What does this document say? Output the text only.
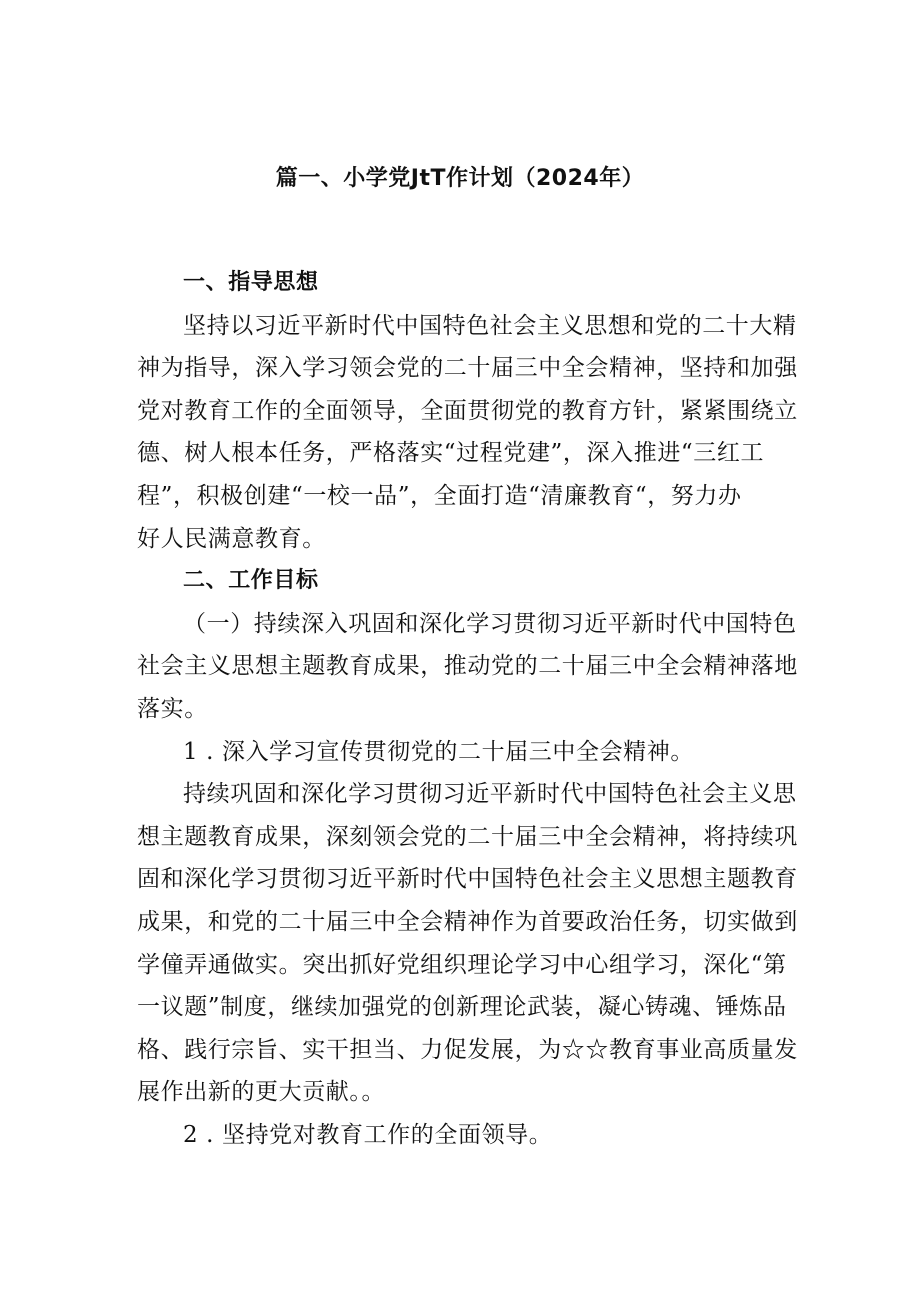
篇一、小学党JtT作计划（2024年）
一、指导思想
坚持以习近平新时代中国特色社会主义思想和党的二十大精
神为指导，深入学习领会党的二十届三中全会精神，坚持和加强
党对教育工作的全面领导，全面贯彻党的教育方针，紧紧围绕立
德、树人根本任务，严格落实“过程党建”，深入推进“三红工
程”，积极创建“一校一品”，全面打造“清廉教育“，努力办
好人民满意教育。
二、工作目标
（一）持续深入巩固和深化学习贯彻习近平新时代中国特色
社会主义思想主题教育成果，推动党的二十届三中全会精神落地
落实。
1 . 深入学习宣传贯彻党的二十届三中全会精神。
持续巩固和深化学习贯彻习近平新时代中国特色社会主义思
想主题教育成果，深刻领会党的二十届三中全会精神，将持续巩
固和深化学习贯彻习近平新时代中国特色社会主义思想主题教育
成果，和党的二十届三中全会精神作为首要政治任务，切实做到
学僮弄通做实。突出抓好党组织理论学习中心组学习，深化“第
一议题”制度，继续加强党的创新理论武装，凝心铸魂、锤炼品
格、践行宗旨、实干担当、力促发展，为☆☆教育事业高质量发
展作出新的更大贡献。。
2 . 坚持党对教育工作的全面领导。
